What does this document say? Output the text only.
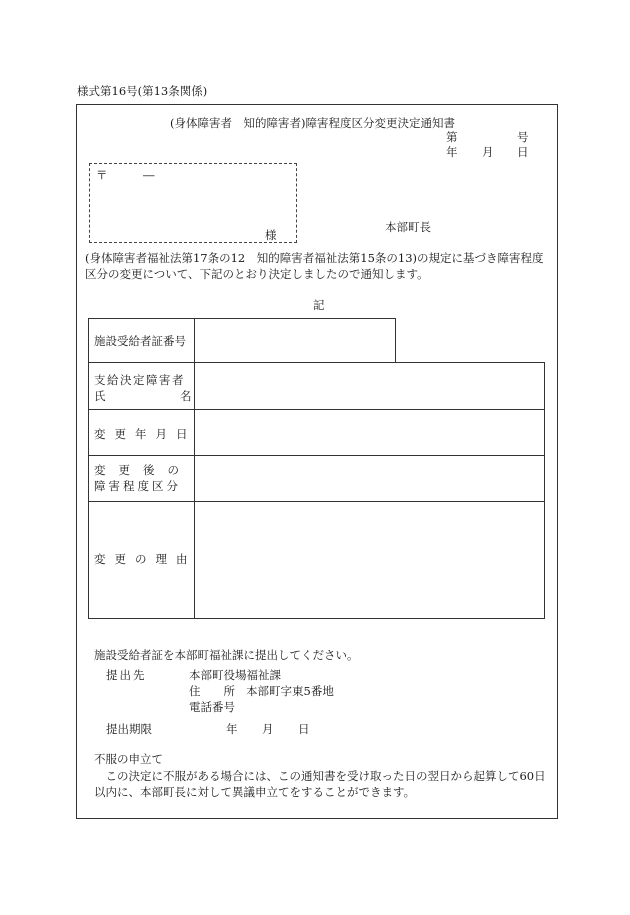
様式第16号(第13条関係)
(身体障害者　知的障害者)障害程度区分変更決定通知書
第	号
年 月 日
〒	―
様
本部町長
(身体障害者福祉法第17条の12　知的障害者福祉法第15条の13)の規定に基づき障害程度区分の変更について、下記のとおり決定しましたので通知します。
記
施設受給者証番号
支給決定障害者
氏	名
変更年月日
変更後の
障害程度区分
変更の理由
施設受給者証を本部町福祉課に提出してください。
提出先	本部町役場福祉課
住　　所 本部町字東5番地
電話番号
提出期限	年 月 日
不服の申立て
この決定に不服がある場合には、この通知書を受け取った日の翌日から起算して60日以内に、本部町長に対して異議申立てをすることができます。
